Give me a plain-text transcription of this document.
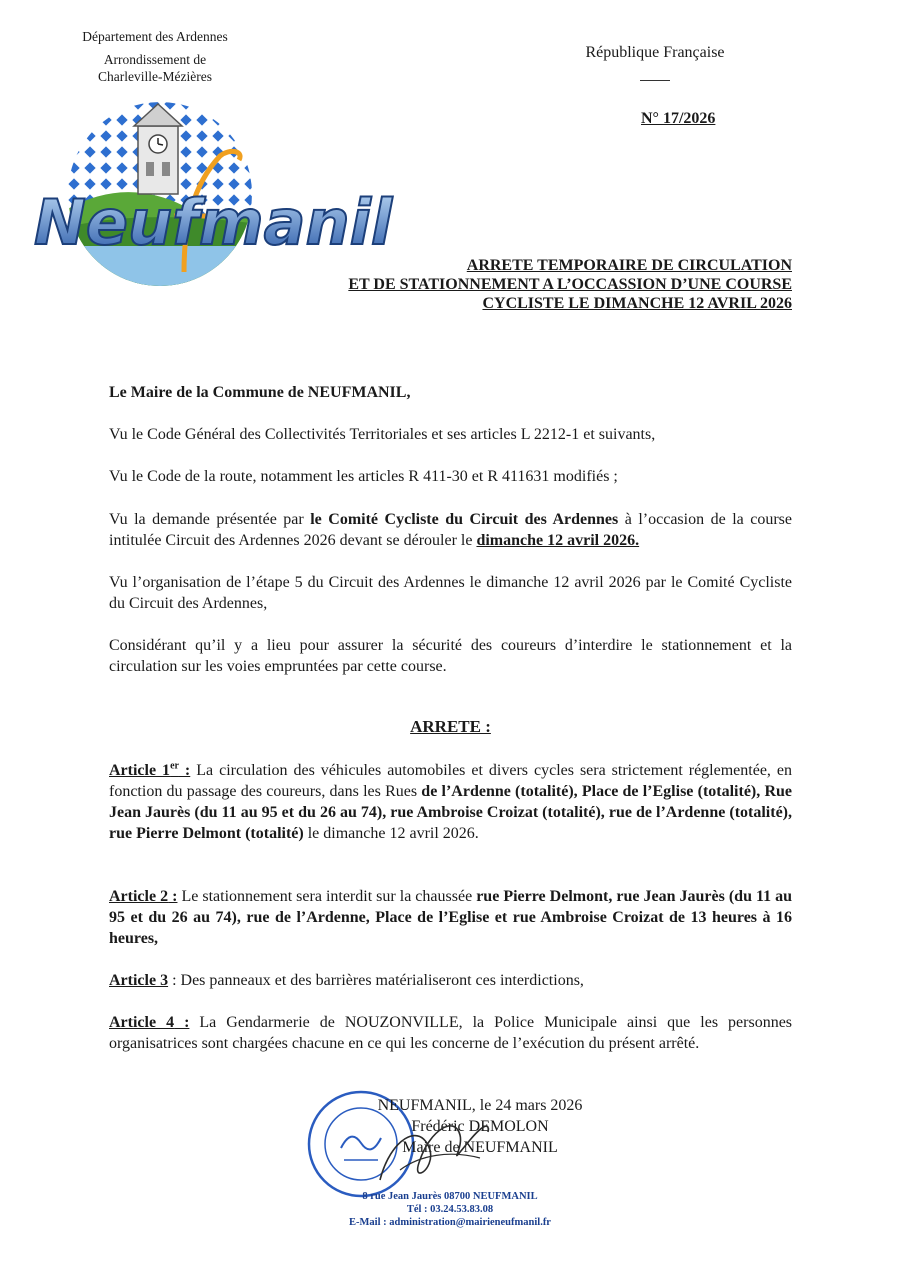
Département des Ardennes
Arrondissement de
Charleville-Mézières
République Française
N° 17/2026
Neufmanil
ARRETE TEMPORAIRE DE CIRCULATION
ET DE STATIONNEMENT A L’OCCASSION D’UNE COURSE
CYCLISTE LE DIMANCHE 12 AVRIL 2026
Le Maire de la Commune de NEUFMANIL,
Vu le Code Général des Collectivités Territoriales et ses articles L 2212-1 et suivants,
Vu le Code de la route, notamment les articles R 411-30 et R 411631 modifiés ;
Vu la demande présentée par le Comité Cycliste du Circuit des Ardennes à l’occasion de la course intitulée Circuit des Ardennes 2026 devant se dérouler le dimanche 12 avril 2026.
Vu l’organisation de l’étape 5 du Circuit des Ardennes le dimanche 12 avril 2026 par le Comité Cycliste du Circuit des Ardennes,
Considérant qu’il y a lieu pour assurer la sécurité des coureurs d’interdire le stationnement et la circulation sur les voies empruntées par cette course.
ARRETE :
Article 1er : La circulation des véhicules automobiles et divers cycles sera strictement réglementée, en fonction du passage des coureurs, dans les Rues de l’Ardenne (totalité), Place de l’Eglise (totalité), Rue Jean Jaurès (du 11 au 95 et du 26 au 74), rue Ambroise Croizat (totalité), rue de l’Ardenne (totalité), rue Pierre Delmont (totalité) le dimanche 12 avril 2026.
Article 2 : Le stationnement sera interdit sur la chaussée rue Pierre Delmont, rue Jean Jaurès (du 11 au 95 et du 26 au 74), rue de l’Ardenne, Place de l’Eglise et rue Ambroise Croizat de 13 heures à 16 heures,
Article 3 : Des panneaux et des barrières matérialiseront ces interdictions,
Article 4 : La Gendarmerie de NOUZONVILLE, la Police Municipale ainsi que les personnes organisatrices sont chargées chacune en ce qui les concerne de l’exécution du présent arrêté.
NEUFMANIL, le 24 mars 2026
Frédéric DEMOLON
Maire de NEUFMANIL
8 rue Jean Jaurès 08700 NEUFMANIL
Tél : 03.24.53.83.08
E-Mail : administration@mairieneufmanil.fr
